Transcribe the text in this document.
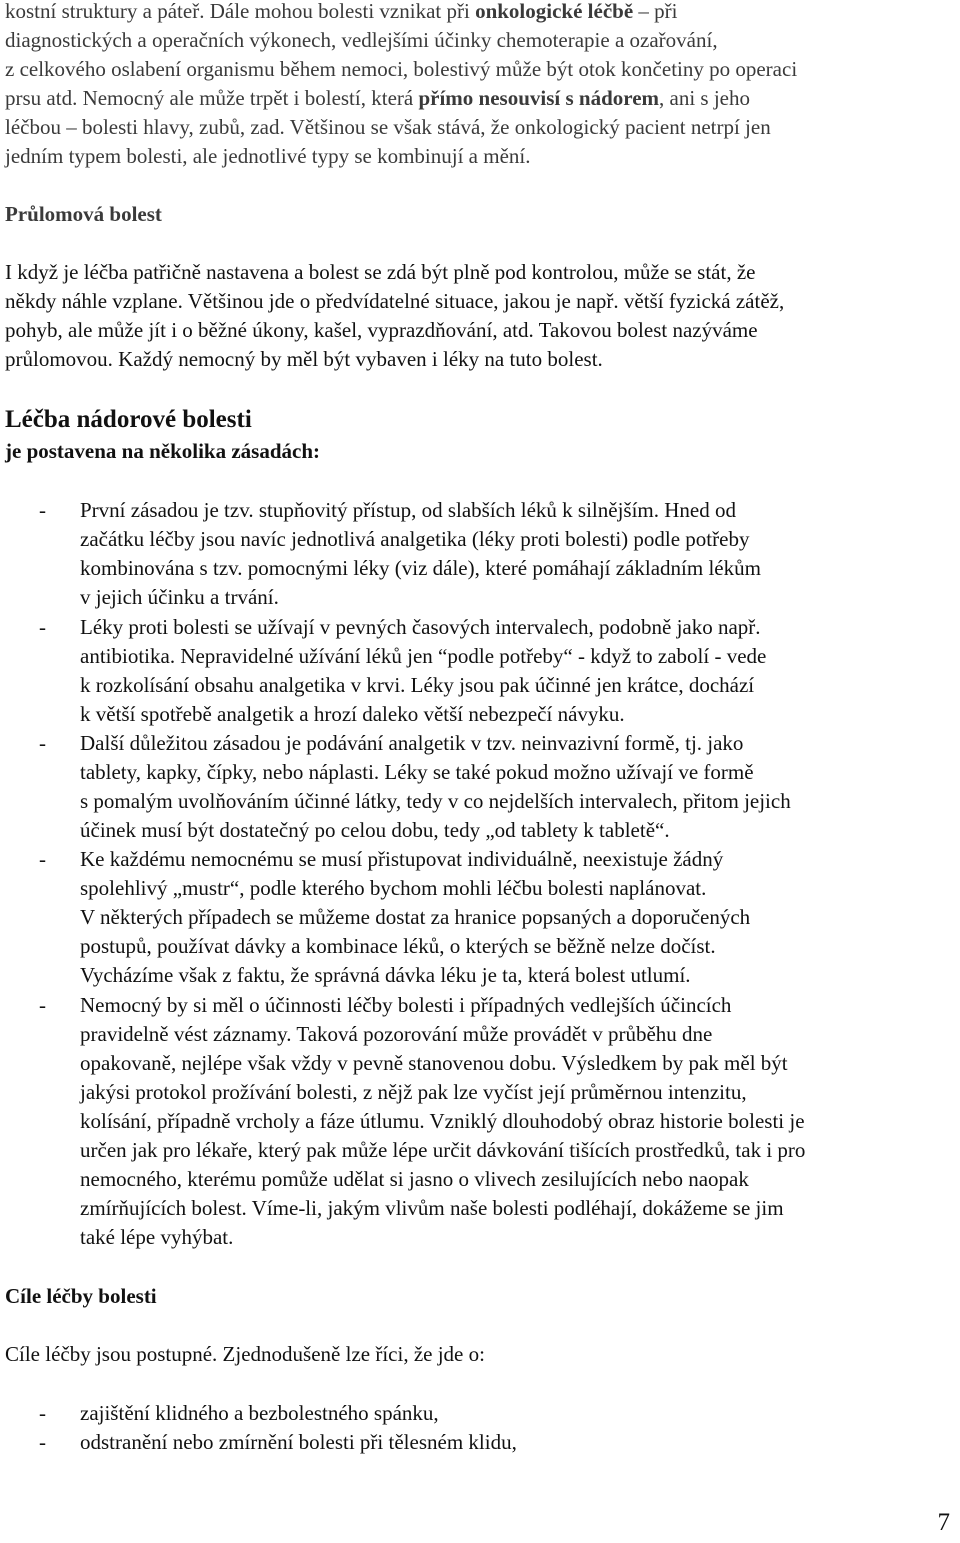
kostní struktury a páteř. Dále mohou bolesti vznikat při onkologické léčbě – při
diagnostických a operačních výkonech, vedlejšími účinky chemoterapie a ozařování,
z celkového oslabení organismu během nemoci, bolestivý může být otok končetiny po operaci
prsu atd. Nemocný ale může trpět i bolestí, která přímo nesouvisí s nádorem, ani s jeho
léčbou – bolesti hlavy, zubů, zad. Většinou se však stává, že onkologický pacient netrpí jen
jedním typem bolesti, ale jednotlivé typy se kombinují a mění.
Průlomová bolest
I když je léčba patřičně nastavena a bolest se zdá být plně pod kontrolou, může se stát, že
někdy náhle vzplane. Většinou jde o předvídatelné situace, jakou je např. větší fyzická zátěž,
pohyb, ale může jít i o běžné úkony, kašel, vyprazdňování, atd. Takovou bolest nazýváme
průlomovou. Každý nemocný by měl být vybaven i léky na tuto bolest.
Léčba nádorové bolesti
je postavena na několika zásadách:
- První zásadou je tzv. stupňovitý přístup, od slabších léků k silnějším. Hned od
začátku léčby jsou navíc jednotlivá analgetika (léky proti bolesti) podle potřeby
kombinována s tzv. pomocnými léky (viz dále), které pomáhají základním lékům
v jejich účinku a trvání.
- Léky proti bolesti se užívají v pevných časových intervalech, podobně jako např.
antibiotika. Nepravidelné užívání léků jen “podle potřeby“ - když to zabolí - vede
k rozkolísání obsahu analgetika v krvi. Léky jsou pak účinné jen krátce, dochází
k větší spotřebě analgetik a hrozí daleko větší nebezpečí návyku.
- Další důležitou zásadou je podávání analgetik v tzv. neinvazivní formě, tj. jako
tablety, kapky, čípky, nebo náplasti. Léky se také pokud možno užívají ve formě
s pomalým uvolňováním účinné látky, tedy v co nejdelších intervalech, přitom jejich
účinek musí být dostatečný po celou dobu, tedy „od tablety k tabletě“.
- Ke každému nemocnému se musí přistupovat individuálně, neexistuje žádný
spolehlivý „mustr“, podle kterého bychom mohli léčbu bolesti naplánovat.
V některých případech se můžeme dostat za hranice popsaných a doporučených
postupů, používat dávky a kombinace léků, o kterých se běžně nelze dočíst.
Vycházíme však z faktu, že správná dávka léku je ta, která bolest utlumí.
- Nemocný by si měl o účinnosti léčby bolesti i případných vedlejších účincích
pravidelně vést záznamy. Taková pozorování může provádět v průběhu dne
opakovaně, nejlépe však vždy v pevně stanovenou dobu. Výsledkem by pak měl být
jakýsi protokol prožívání bolesti, z nějž pak lze vyčíst její průměrnou intenzitu,
kolísání, případně vrcholy a fáze útlumu. Vzniklý dlouhodobý obraz historie bolesti je
určen jak pro lékaře, který pak může lépe určit dávkování tišících prostředků, tak i pro
nemocného, kterému pomůže udělat si jasno o vlivech zesilujících nebo naopak
zmírňujících bolest. Víme-li, jakým vlivům naše bolesti podléhají, dokážeme se jim
také lépe vyhýbat.
Cíle léčby bolesti
Cíle léčby jsou postupné. Zjednodušeně lze říci, že jde o:
- zajištění klidného a bezbolestného spánku,
- odstranění nebo zmírnění bolesti při tělesném klidu,
7
